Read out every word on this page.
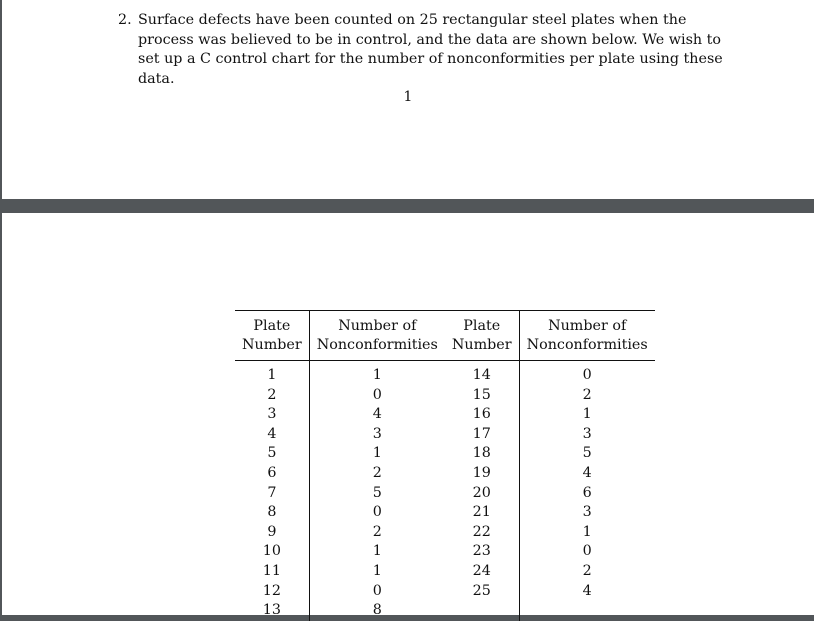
2. Surface defects have been counted on 25 rectangular steel plates when the process was believed to be in control, and the data are shown below. We wish to set up a C control chart for the number of nonconformities per plate using these data.
1
Plate	Number of	Plate	Number of
Number	Nonconformities	Number	Nonconformities
1	1	14	0
2	0	15	2
3	4	16	1
4	3	17	3
5	1	18	5
6	2	19	4
7	5	20	6
8	0	21	3
9	2	22	1
10	1	23	0
11	1	24	2
12	0	25	4
13	8		
